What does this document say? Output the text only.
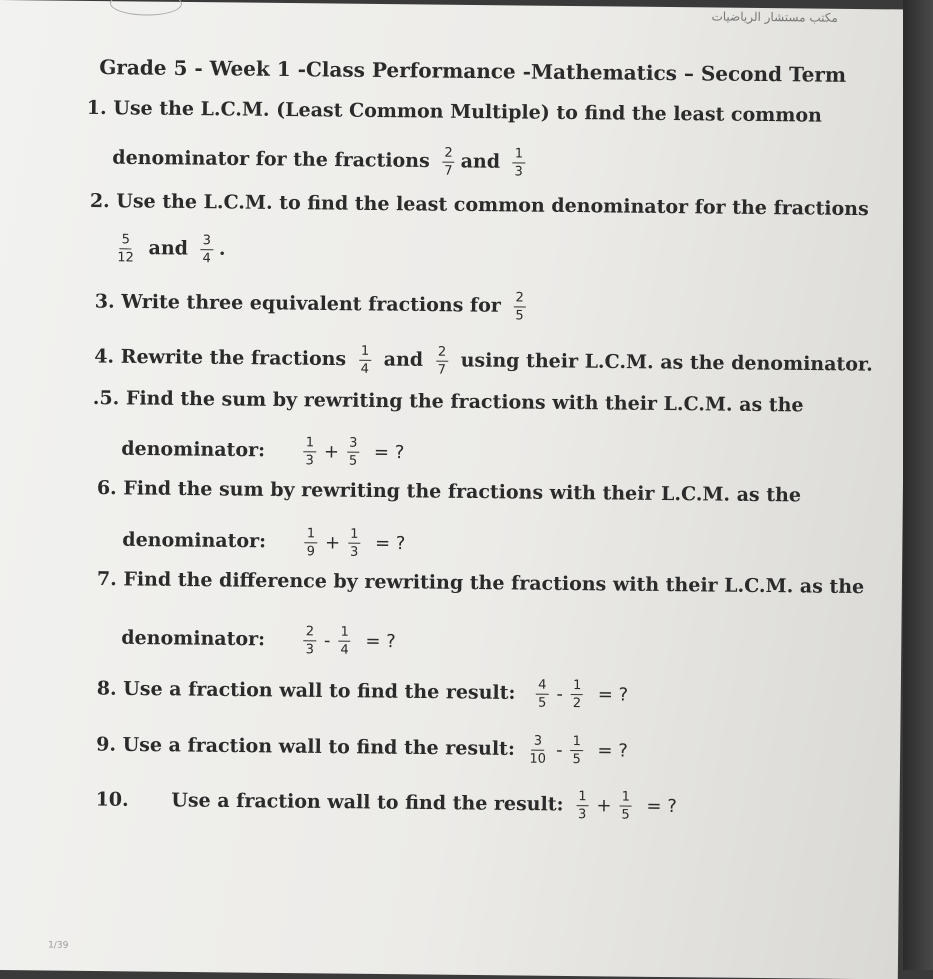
مكتب مستشار الرياضيات
Grade 5 - Week 1 -Class Performance -Mathematics – Second Term
1. Use the L.C.M. (Least Common Multiple) to find the least common
denominator for the fractions $\frac{2}{7}$ and $\frac{1}{3}$
2. Use the L.C.M. to find the least common denominator for the fractions
$\frac{5}{12}$ and $\frac{3}{4}$ .
3. Write three equivalent fractions for $\frac{2}{5}$
4. Rewrite the fractions $\frac{1}{4}$ and $\frac{2}{7}$ using their L.C.M. as the denominator.
.5. Find the sum by rewriting the fractions with their L.C.M. as the
denominator:	$\frac{1}{3} + \frac{3}{5}$ = ?
6. Find the sum by rewriting the fractions with their L.C.M. as the
denominator:	$\frac{1}{9} + \frac{1}{3}$ = ?
7. Find the difference by rewriting the fractions with their L.C.M. as the
denominator:	$\frac{2}{3} - \frac{1}{4}$ = ?
8. Use a fraction wall to find the result: $\frac{4}{5} - \frac{1}{2}$ = ?
9. Use a fraction wall to find the result: $\frac{3}{10} - \frac{1}{5}$ = ?
10. Use a fraction wall to find the result: $\frac{1}{3} + \frac{1}{5}$ = ?
1/39
